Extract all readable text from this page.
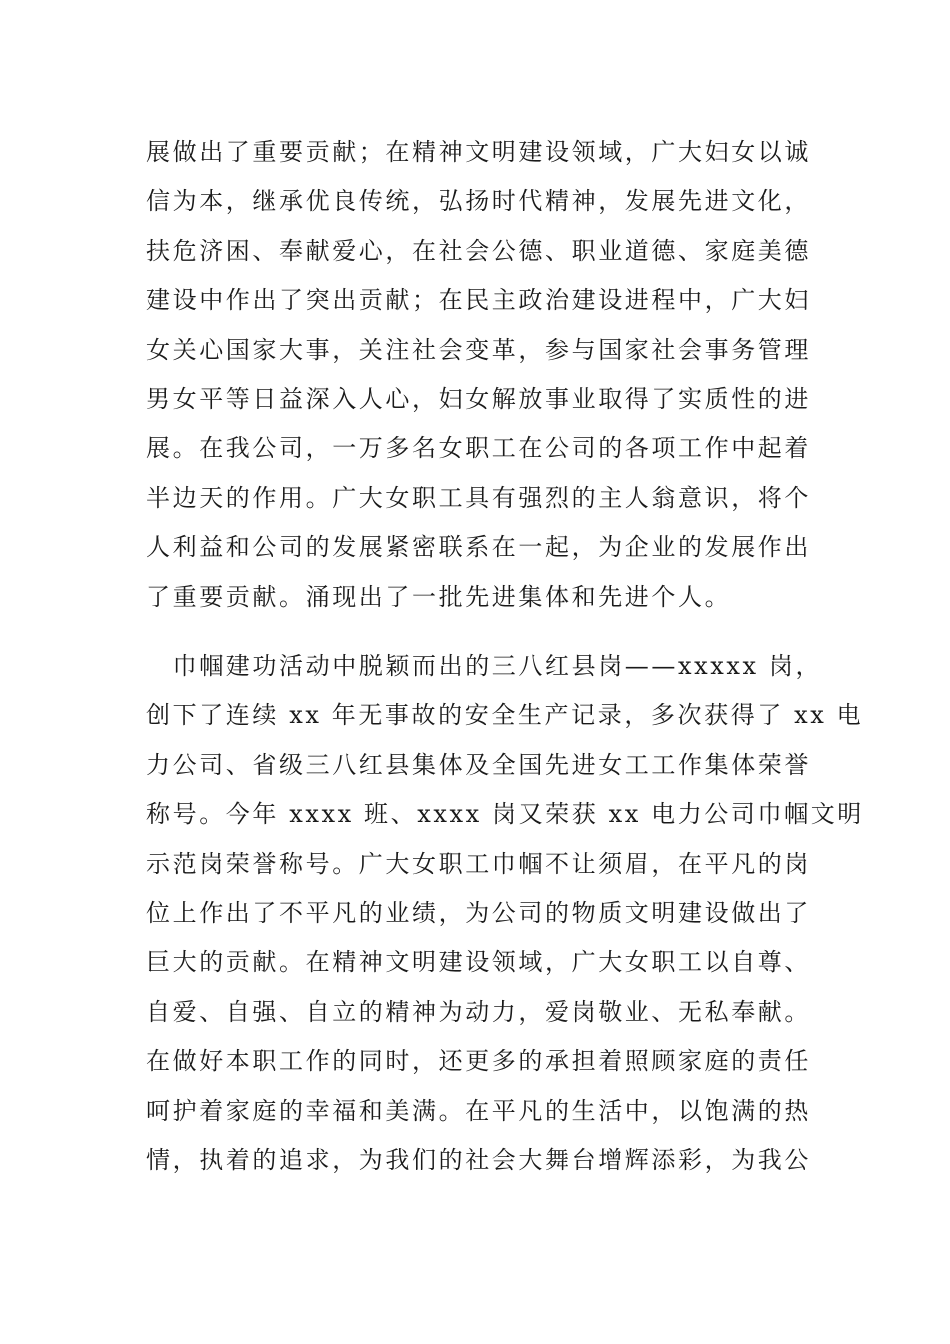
展做出了重要贡献；在精神文明建设领域，广大妇女以诚
信为本，继承优良传统，弘扬时代精神，发展先进文化，
扶危济困、奉献爱心，在社会公德、职业道德、家庭美德
建设中作出了突出贡献；在民主政治建设进程中，广大妇
女关心国家大事，关注社会变革，参与国家社会事务管理
男女平等日益深入人心，妇女解放事业取得了实质性的进
展。在我公司，一万多名女职工在公司的各项工作中起着
半边天的作用。广大女职工具有强烈的主人翁意识，将个
人利益和公司的发展紧密联系在一起，为企业的发展作出
了重要贡献。涌现出了一批先进集体和先进个人。
　巾帼建功活动中脱颖而出的三八红县岗——xxxxx 岗，
创下了连续 xx 年无事故的安全生产记录，多次获得了 xx 电
力公司、省级三八红县集体及全国先进女工工作集体荣誉
称号。今年 xxxx 班、xxxx 岗又荣获 xx 电力公司巾帼文明
示范岗荣誉称号。广大女职工巾帼不让须眉，在平凡的岗
位上作出了不平凡的业绩，为公司的物质文明建设做出了
巨大的贡献。在精神文明建设领域，广大女职工以自尊、
自爱、自强、自立的精神为动力，爱岗敬业、无私奉献。
在做好本职工作的同时，还更多的承担着照顾家庭的责任
呵护着家庭的幸福和美满。在平凡的生活中，以饱满的热
情，执着的追求，为我们的社会大舞台增辉添彩，为我公
